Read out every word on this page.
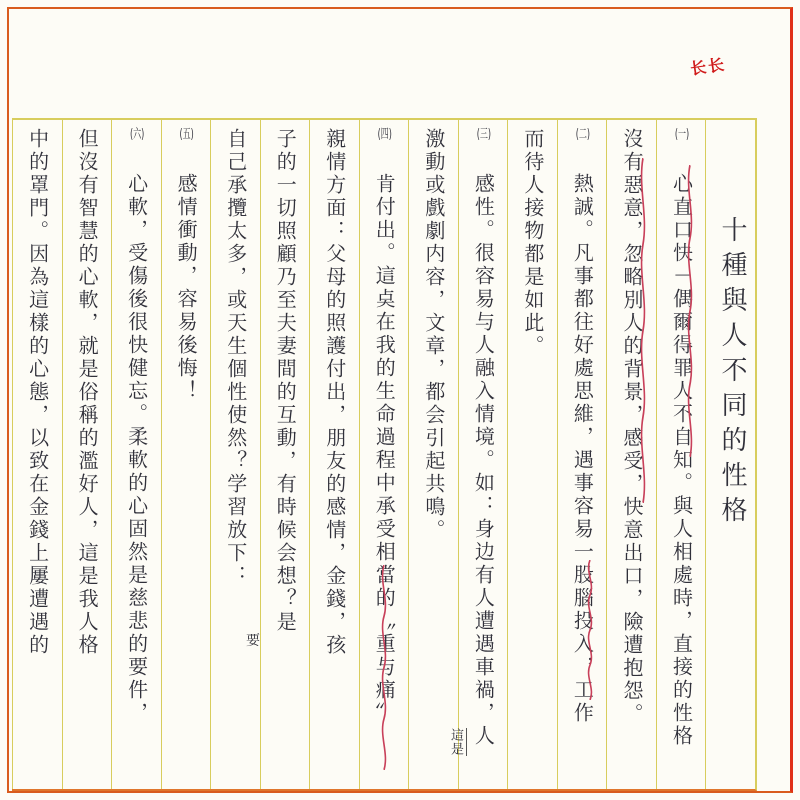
长长
十種與人不同的性格
(一) 心直口快－偶爾得罪人不自知。與人相處時，直接的性格
沒有惡意，忽略別人的背景，感受，快意出口，險遭抱怨。
(二) 熱誠。凡事都往好處思維，遇事容易一股腦投入，工作
而待人接物都是如此。
(三) 感性。很容易与人融入情境。如：身边有人遭遇車禍，人
激動或戲劇内容，文章，都会引起共鳴。
(四) 肯付出。這奌在我的生命過程中承受相當的〝重与痛〞
親情方面：父母的照護付出，朋友的感情，金錢，孩
子的一切照顧乃至夫妻間的互動，有時候会想？是
自己承攬太多，或天生個性使然？学習放下：
(五) 感情衝動，容易後悔！
(六) 心軟，受傷後很快健忘。柔軟的心固然是慈悲的要件，
但沒有智慧的心軟，就是俗稱的濫好人，這是我人格
中的罩門。因為這樣的心態，以致在金錢上屢遭遇的
這是
要
